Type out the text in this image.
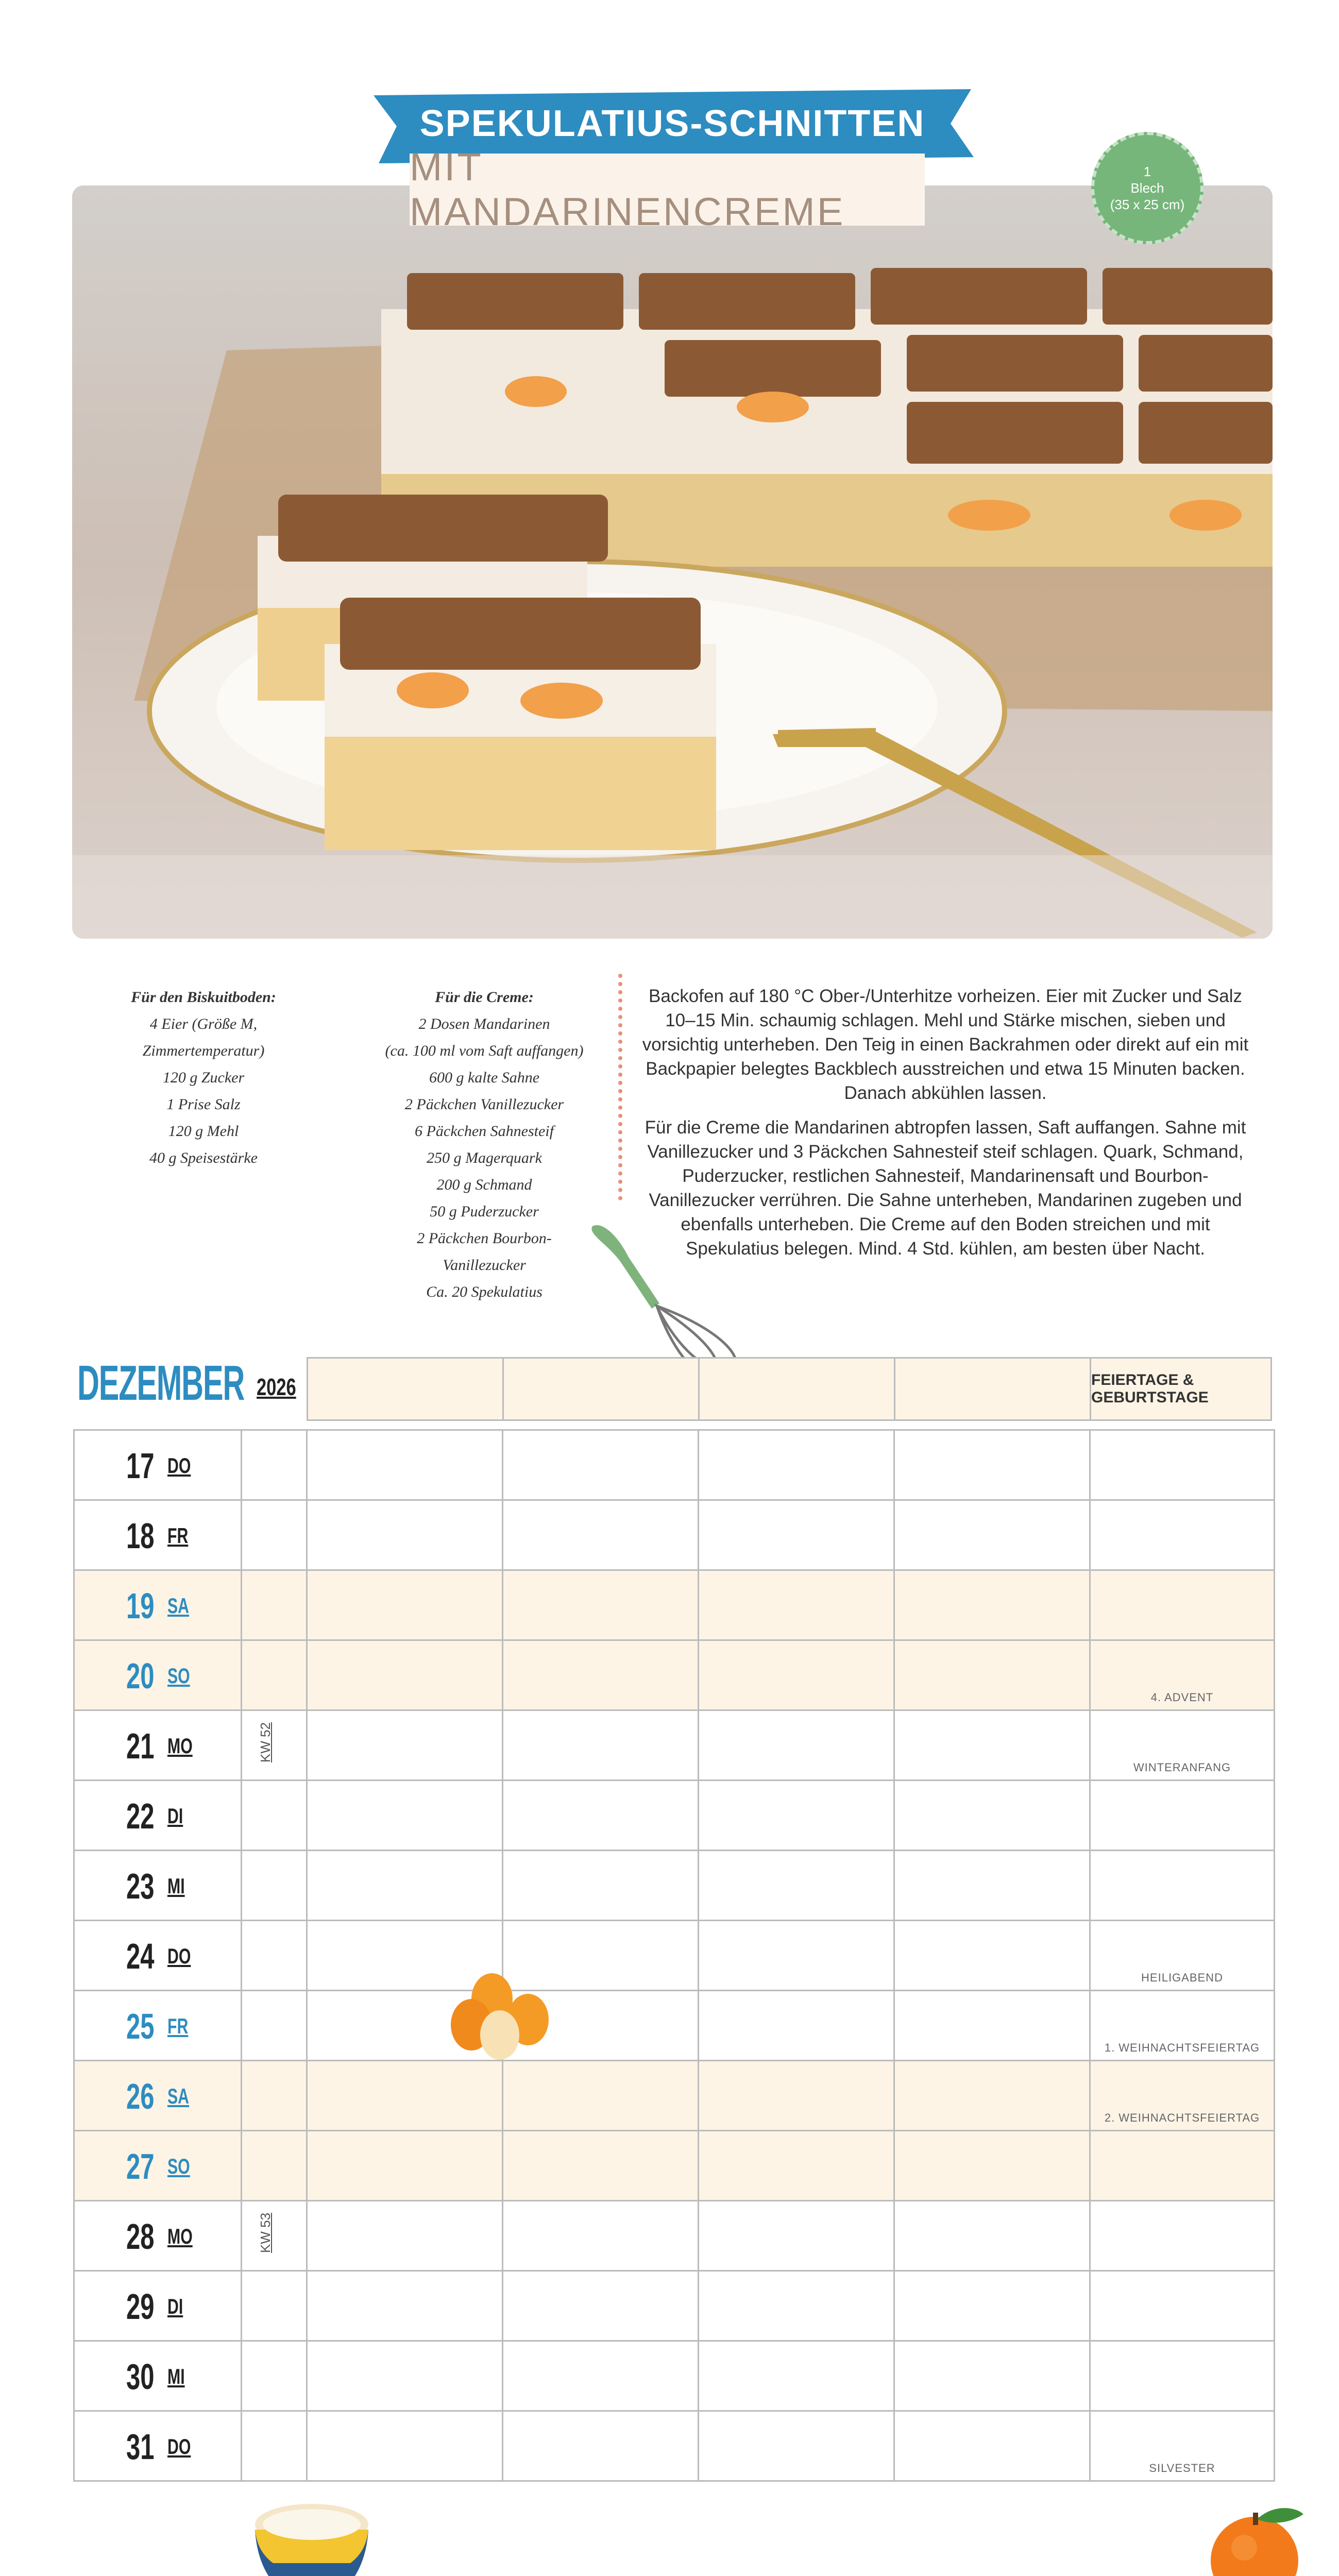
SPEKULATIUS-SCHNITTEN
MIT MANDARINENCREME
1
Blech
(35 x 25 cm)
Für den Biskuitboden:
4 Eier (Größe M,
Zimmertemperatur)
120 g Zucker
1 Prise Salz
120 g Mehl
40 g Speisestärke
Für die Creme:
2 Dosen Mandarinen
(ca. 100 ml vom Saft auffangen)
600 g kalte Sahne
2 Päckchen Vanillezucker
6 Päckchen Sahnesteif
250 g Magerquark
200 g Schmand
50 g Puderzucker
2 Päckchen Bourbon-
Vanillezucker
Ca. 20 Spekulatius

Backofen auf 180 °C Ober-/Unterhitze vorheizen. Eier mit Zucker und Salz 10–15 Min. schaumig schlagen. Mehl und Stärke mischen, sieben und vorsichtig unterheben. Den Teig in einen Backrahmen oder direkt auf ein mit Backpapier belegtes Backblech ausstreichen und etwa 15 Minuten backen. Danach abkühlen lassen.

Für die Creme die Mandarinen abtropfen lassen, Saft auffangen. Sahne mit Vanillezucker und 3 Päckchen Sahnesteif steif schlagen. Quark, Schmand, Puderzucker, restlichen Sahnesteif, Mandarinensaft und Bourbon-Vanillezucker verrühren. Die Sahne unterheben, Mandarinen zugeben und ebenfalls unterheben. Die Creme auf den Boden streichen und mit Spekulatius belegen. Mind. 4 Std. kühlen, am besten über Nacht.

DEZEMBER 2026	FEIERTAGE & GEBURTSTAGE
17 DO						

18 FR						

19 SA						

20 SO						4. ADVENT

21 MO	KW 52					WINTERANFANG

22 DI						

23 MI						

24 DO						HEILIGABEND

25 FR						1. WEIHNACHTSFEIERTAG

26 SA						2. WEIHNACHTSFEIERTAG

27 SO						

28 MO	KW 53					

29 DI						

30 MI						

31 DO						SILVESTER
